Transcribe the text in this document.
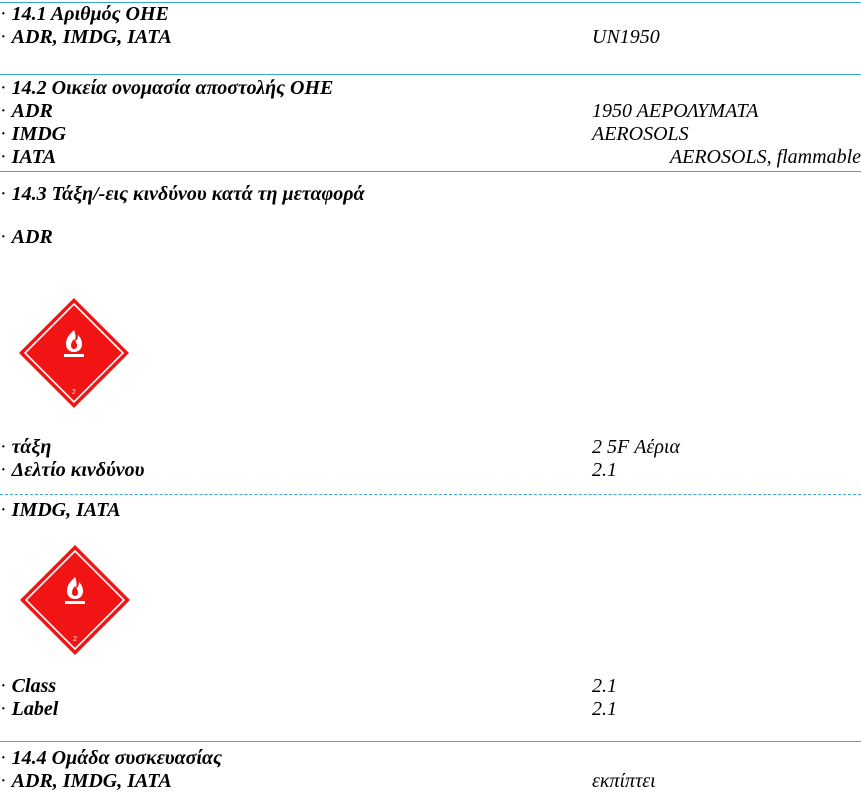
· 14.1 Αριθμός ΟΗΕ
· ADR, IMDG, IATA	UN1950
· 14.2 Οικεία ονομασία αποστολής ΟΗΕ
· ADR	1950 ΑΕΡΟΛΥΜΑΤΑ
· IMDG	AEROSOLS
· IATA	AEROSOLS, flammable
· 14.3 Τάξη/-εις κινδύνου κατά τη μεταφορά
· ADR
2
· τάξη	2 5F Αέρια
· Δελτίο κινδύνου	2.1
· IMDG, IATA
2
· Class	2.1
· Label	2.1
· 14.4 Ομάδα συσκευασίας
· ADR, IMDG, IATA	εκπίπτει
